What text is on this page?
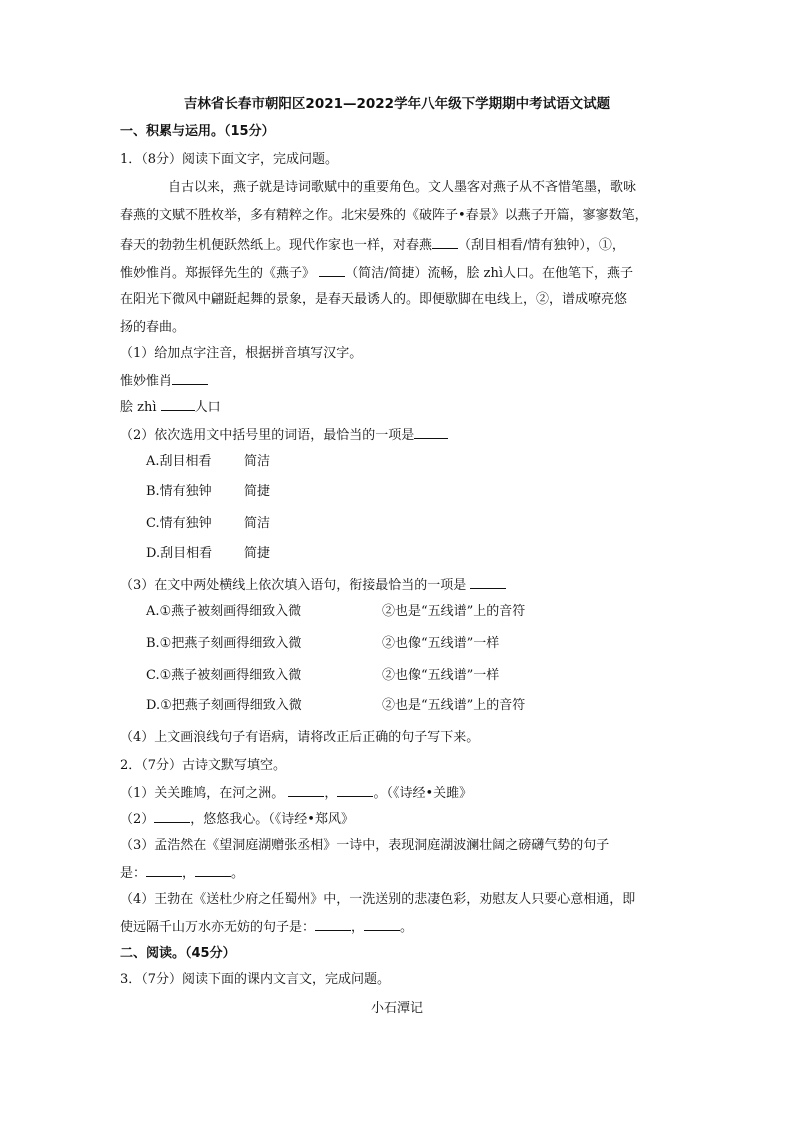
吉林省长春市朝阳区2021—2022学年八年级下学期期中考试语文试题
一、积累与运用。（15分）
1．（8分）阅读下面文字，完成问题。
自古以来，燕子就是诗词歌赋中的重要角色。文人墨客对燕子从不吝惜笔墨，歌咏
春燕的文赋不胜枚举，多有精粹之作。北宋晏殊的《破阵子•春景》以燕子开篇，寥寥数笔，
春天的勃勃生机便跃然纸上。现代作家也一样，对春燕 （刮目相看/情有独钟），①，
惟妙惟肖。郑振铎先生的《燕子》 （简洁/简捷）流畅，脍 zhì人口。在他笔下，燕子
在阳光下微风中翩跹起舞的景象，是春天最诱人的。即便歇脚在电线上，②，谱成嘹亮悠
扬的春曲。
（1）给加点字注音，根据拼音填写汉字。
惟妙惟肖
脍 zhì	人口
（2）依次选用文中括号里的词语，最恰当的一项是
A.刮目相看 简洁
B.情有独钟 简捷
C.情有独钟 简洁
D.刮目相看 简捷
（3）在文中两处横线上依次填入语句，衔接最恰当的一项是
A.①燕子被刻画得细致入微	②也是“五线谱”上的音符
B.①把燕子刻画得细致入微	②也像“五线谱”一样
C.①燕子被刻画得细致入微	②也像“五线谱”一样
D.①把燕子刻画得细致入微	②也是“五线谱”上的音符
（4）上文画浪线句子有语病，请将改正后正确的句子写下来。
2．（7分）古诗文默写填空。
（1）关关雎鸠，在河之洲。	，	。（《诗经•关雎》
（2）	，悠悠我心。（《诗经•郑风》
（3）孟浩然在《望洞庭湖赠张丞相》一诗中，表现洞庭湖波澜壮阔之磅礴气势的句子
是：	，	。
（4）王勃在《送杜少府之任蜀州》中，一洗送别的悲凄色彩，劝慰友人只要心意相通，即
使远隔千山万水亦无妨的句子是：	，	。
二、阅读。（45分）
3．（7分）阅读下面的课内文言文，完成问题。
小石潭记
